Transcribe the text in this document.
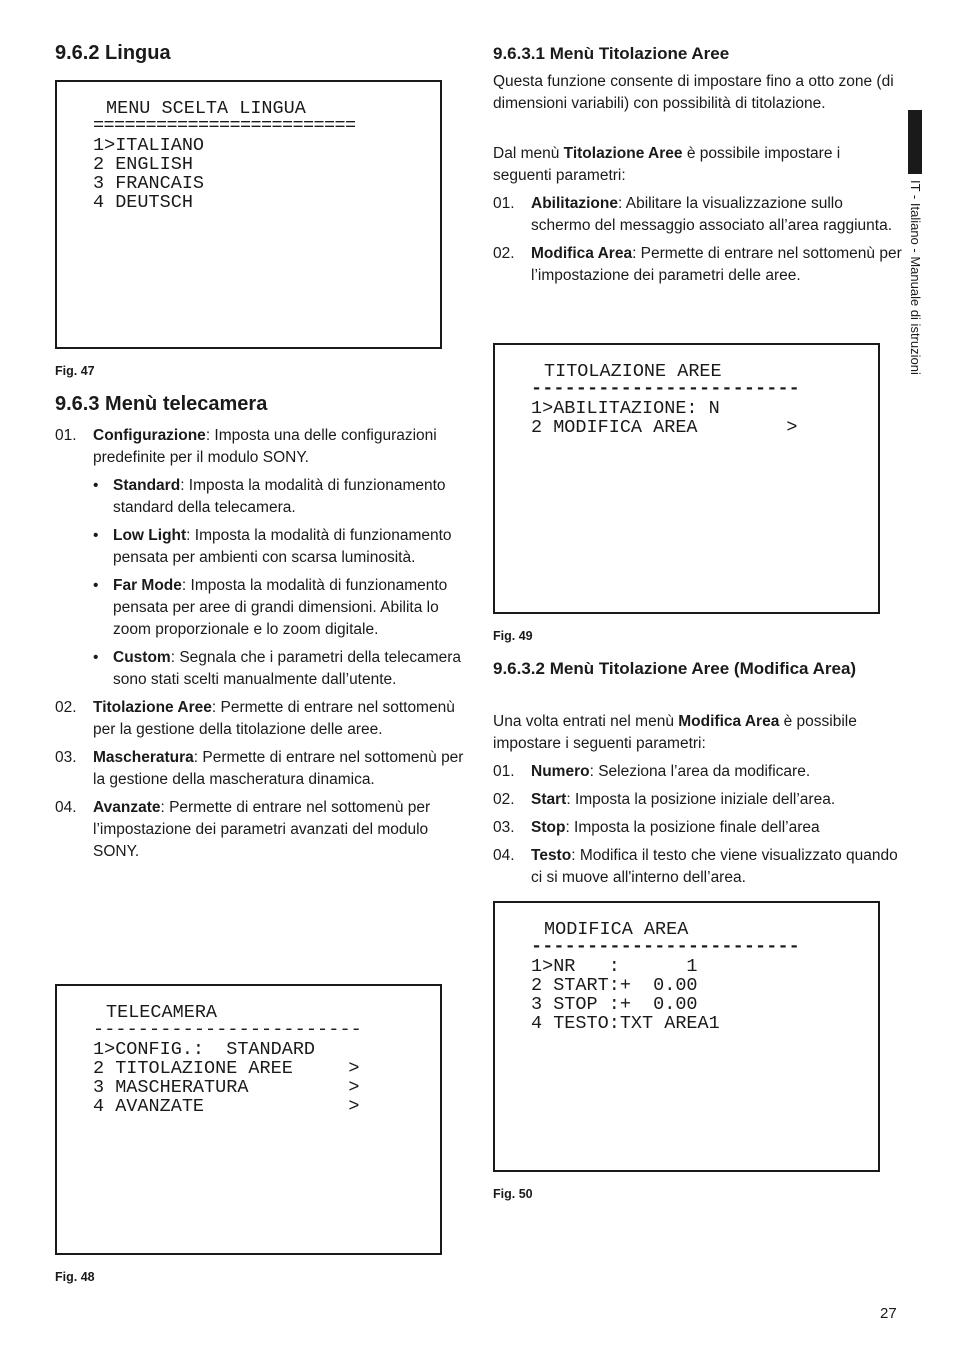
9.6.2 Lingua
MENU SCELTA LINGUA
=========================
1>ITALIANO
2 ENGLISH
3 FRANCAIS
4 DEUTSCH

Fig. 47

9.6.3 Menù telecamera
01. Configurazione: Imposta una delle configurazioni predefinite per il modulo SONY.
• Standard: Imposta la modalità di funzionamento standard della telecamera.
• Low Light: Imposta la modalità di funzionamento pensata per ambienti con scarsa luminosità.
• Far Mode: Imposta la modalità di funzionamento pensata per aree di grandi dimensioni. Abilita lo zoom proporzionale e lo zoom digitale.
• Custom: Segnala che i parametri della telecamera sono stati scelti manualmente dall’utente.
02. Titolazione Aree: Permette di entrare nel sottomenù per la gestione della titolazione delle aree.
03. Mascheratura: Permette di entrare nel sottomenù per la gestione della mascheratura dinamica.
04. Avanzate: Permette di entrare nel sottomenù per l’impostazione dei parametri avanzati del modulo SONY.
TELECAMERA
------------------------
1>CONFIG.:  STANDARD
2 TITOLAZIONE AREE     >
3 MASCHERATURA         >
4 AVANZATE             >

Fig. 48

9.6.3.1 Menù Titolazione Aree

Questa funzione consente di impostare fino a otto zone (di dimensioni variabili) con possibilità di titolazione.

Dal menù Titolazione Aree è possibile impostare i seguenti parametri:

01. Abilitazione: Abilitare la visualizzazione sullo schermo del messaggio associato all’area raggiunta.
02. Modifica Area: Permette di entrare nel sottomenù per l’impostazione dei parametri delle aree.
TITOLAZIONE AREE
------------------------
1>ABILITAZIONE: N
2 MODIFICA AREA        >

Fig. 49

9.6.3.2 Menù Titolazione Aree (Modifica Area)

Una volta entrati nel menù Modifica Area è possibile impostare i seguenti parametri:

01. Numero: Seleziona l’area da modificare.
02. Start: Imposta la posizione iniziale dell’area.
03. Stop: Imposta la posizione finale dell’area
04. Testo: Modifica il testo che viene visualizzato quando ci si muove all'interno dell’area.
MODIFICA AREA
------------------------
1>NR   :      1
2 START:+  0.00
3 STOP :+  0.00
4 TESTO:TXT AREA1

Fig. 50

IT - Italiano - Manuale di istruzioni
27
